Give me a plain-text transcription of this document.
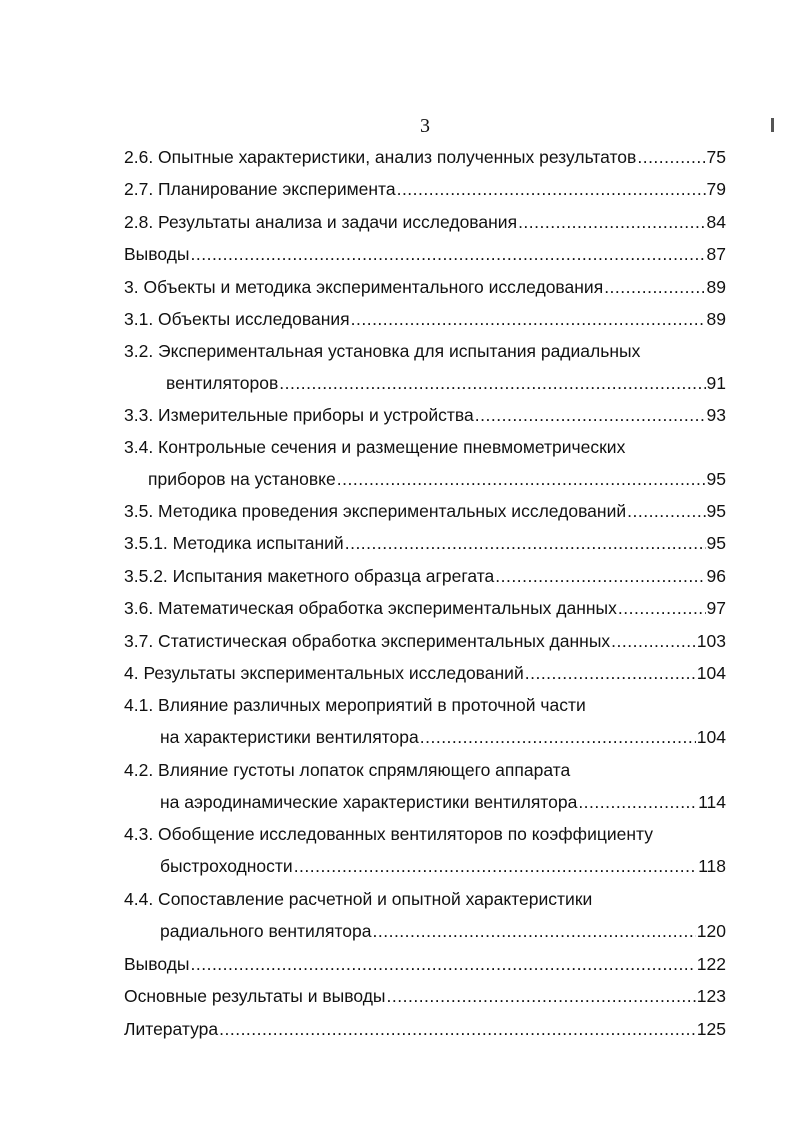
3
2.6. Опытные характеристики, анализ полученных результатов .....	75
2.7. Планирование эксперимента .....	79
2.8. Результаты анализа и задачи исследования .....	84
Выводы .....	87
3. Объекты и методика экспериментального исследования .....	89
3.1. Объекты исследования .....	89
3.2. Экспериментальная установка для испытания радиальных
вентиляторов .....	91
3.3. Измерительные приборы и устройства .....	93
3.4. Контрольные сечения и размещение пневмометрических
приборов на установке .....	95
3.5. Методика проведения экспериментальных исследований .....	95
3.5.1. Методика испытаний .....	95
3.5.2. Испытания макетного образца агрегата .....	96
3.6. Математическая обработка экспериментальных данных .....	97
3.7. Статистическая обработка экспериментальных данных .....	103
4. Результаты экспериментальных исследований .....	104
4.1. Влияние различных мероприятий в проточной части
на характеристики вентилятора .....	104
4.2. Влияние густоты лопаток спрямляющего аппарата
на аэродинамические характеристики вентилятора .....	114
4.3. Обобщение исследованных вентиляторов по коэффициенту
быстроходности .....	118
4.4. Сопоставление расчетной и опытной характеристики
радиального вентилятора .....	120
Выводы .....	122
Основные результаты и выводы .....	123
Литература .....	125
